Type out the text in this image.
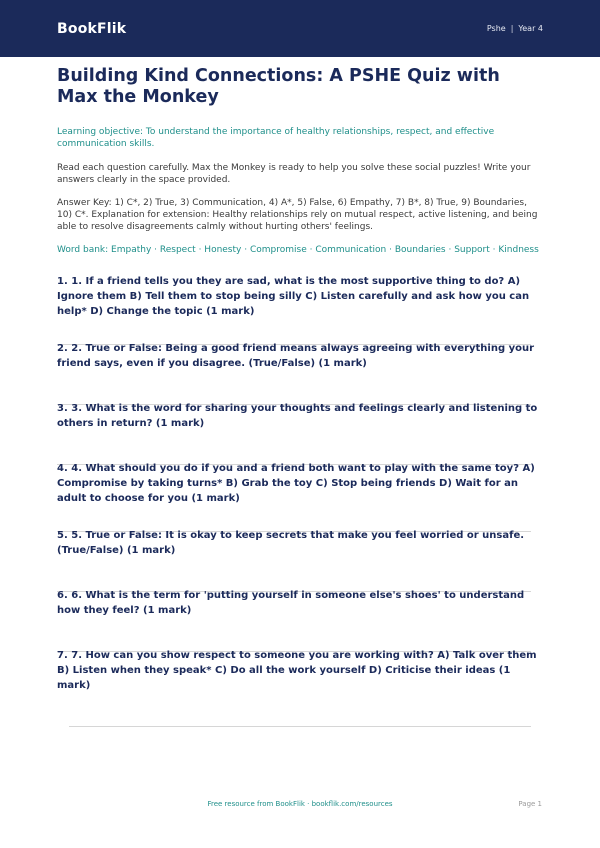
BookFlik	Pshe | Year 4
Building Kind Connections: A PSHE Quiz with Max the Monkey
Learning objective: To understand the importance of healthy relationships, respect, and effective communication skills.
Read each question carefully. Max the Monkey is ready to help you solve these social puzzles! Write your answers clearly in the space provided.
Answer Key: 1) C*, 2) True, 3) Communication, 4) A*, 5) False, 6) Empathy, 7) B*, 8) True, 9) Boundaries, 10) C*. Explanation for extension: Healthy relationships rely on mutual respect, active listening, and being able to resolve disagreements calmly without hurting others' feelings.
Word bank: Empathy · Respect · Honesty · Compromise · Communication · Boundaries · Support · Kindness
1. 1. If a friend tells you they are sad, what is the most supportive thing to do? A) Ignore them B) Tell them to stop being silly C) Listen carefully and ask how you can help* D) Change the topic (1 mark)
2. 2. True or False: Being a good friend means always agreeing with everything your friend says, even if you disagree. (True/False) (1 mark)
3. 3. What is the word for sharing your thoughts and feelings clearly and listening to others in return? (1 mark)
4. 4. What should you do if you and a friend both want to play with the same toy? A) Compromise by taking turns* B) Grab the toy C) Stop being friends D) Wait for an adult to choose for you (1 mark)
5. 5. True or False: It is okay to keep secrets that make you feel worried or unsafe. (True/False) (1 mark)
6. 6. What is the term for 'putting yourself in someone else's shoes' to understand how they feel? (1 mark)
7. 7. How can you show respect to someone you are working with? A) Talk over them B) Listen when they speak* C) Do all the work yourself D) Criticise their ideas (1 mark)
Free resource from BookFlik · bookflik.com/resources	Page 1
